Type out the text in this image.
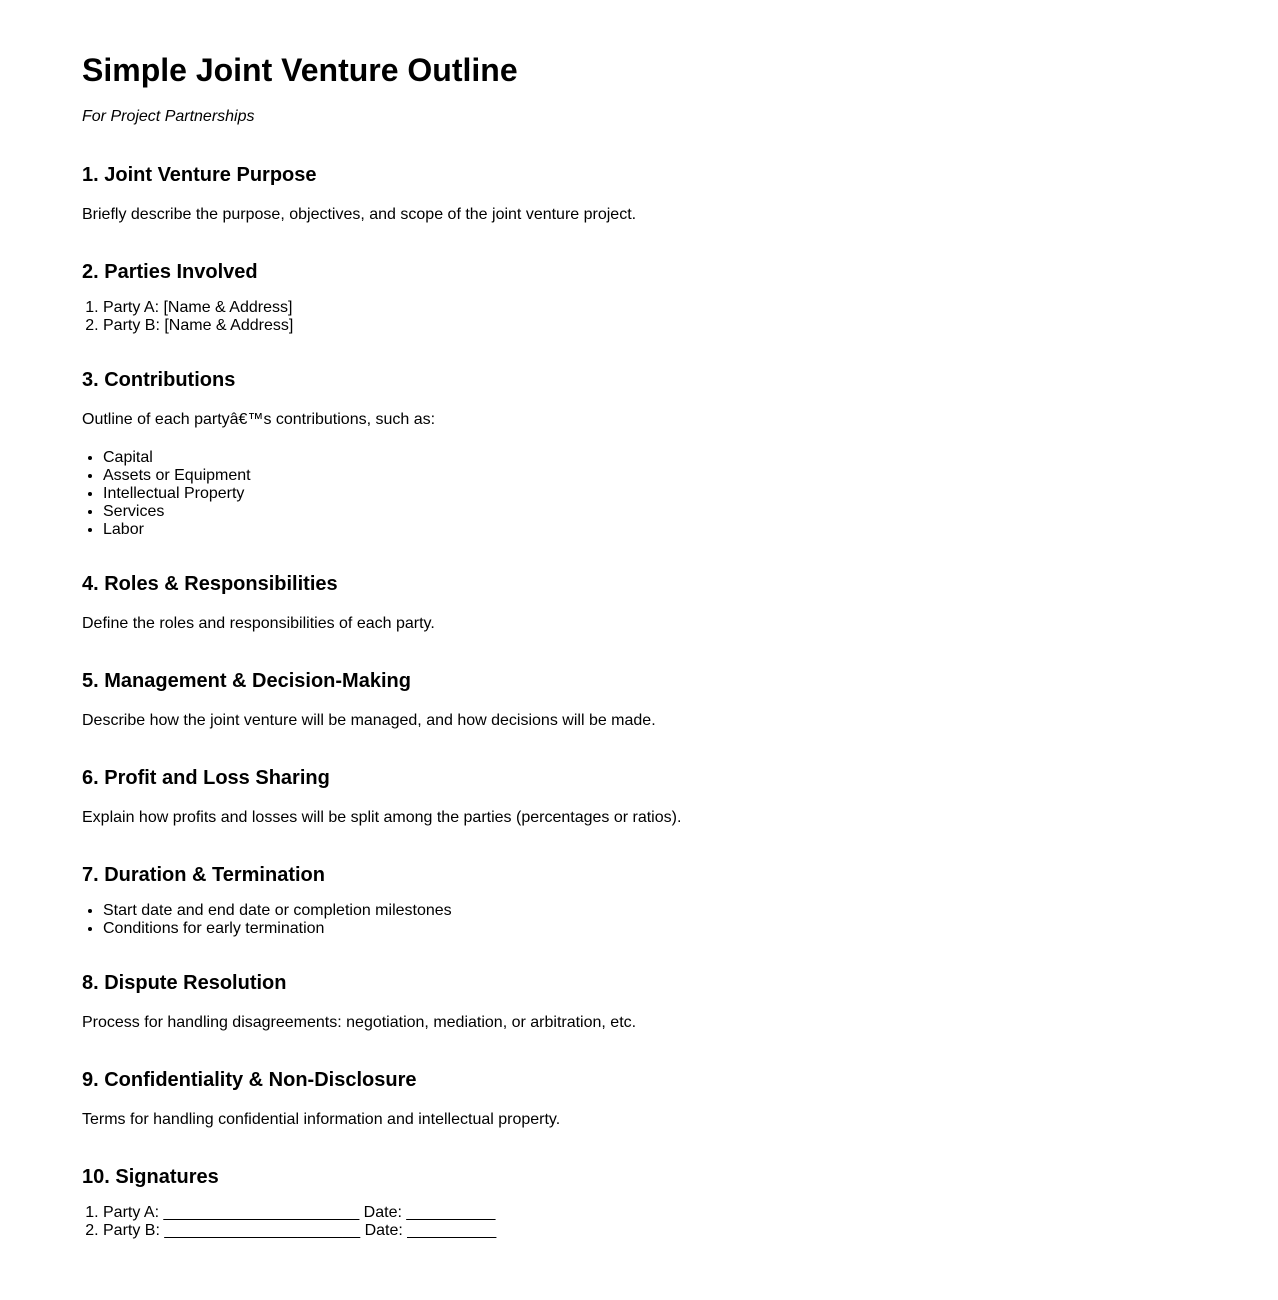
Simple Joint Venture Outline

For Project Partnerships

1. Joint Venture Purpose

Briefly describe the purpose, objectives, and scope of the joint venture project.

2. Parties Involved
1. Party A: [Name & Address]
2. Party B: [Name & Address]
3. Contributions

Outline of each partyâ€™s contributions, such as:

• Capital
• Assets or Equipment
• Intellectual Property
• Services
• Labor
4. Roles & Responsibilities

Define the roles and responsibilities of each party.

5. Management & Decision-Making

Describe how the joint venture will be managed, and how decisions will be made.

6. Profit and Loss Sharing

Explain how profits and losses will be split among the parties (percentages or ratios).

7. Duration & Termination
• Start date and end date or completion milestones
• Conditions for early termination
8. Dispute Resolution

Process for handling disagreements: negotiation, mediation, or arbitration, etc.

9. Confidentiality & Non-Disclosure

Terms for handling confidential information and intellectual property.

10. Signatures
1. Party A: ______________________ Date: __________
2. Party B: ______________________ Date: __________
